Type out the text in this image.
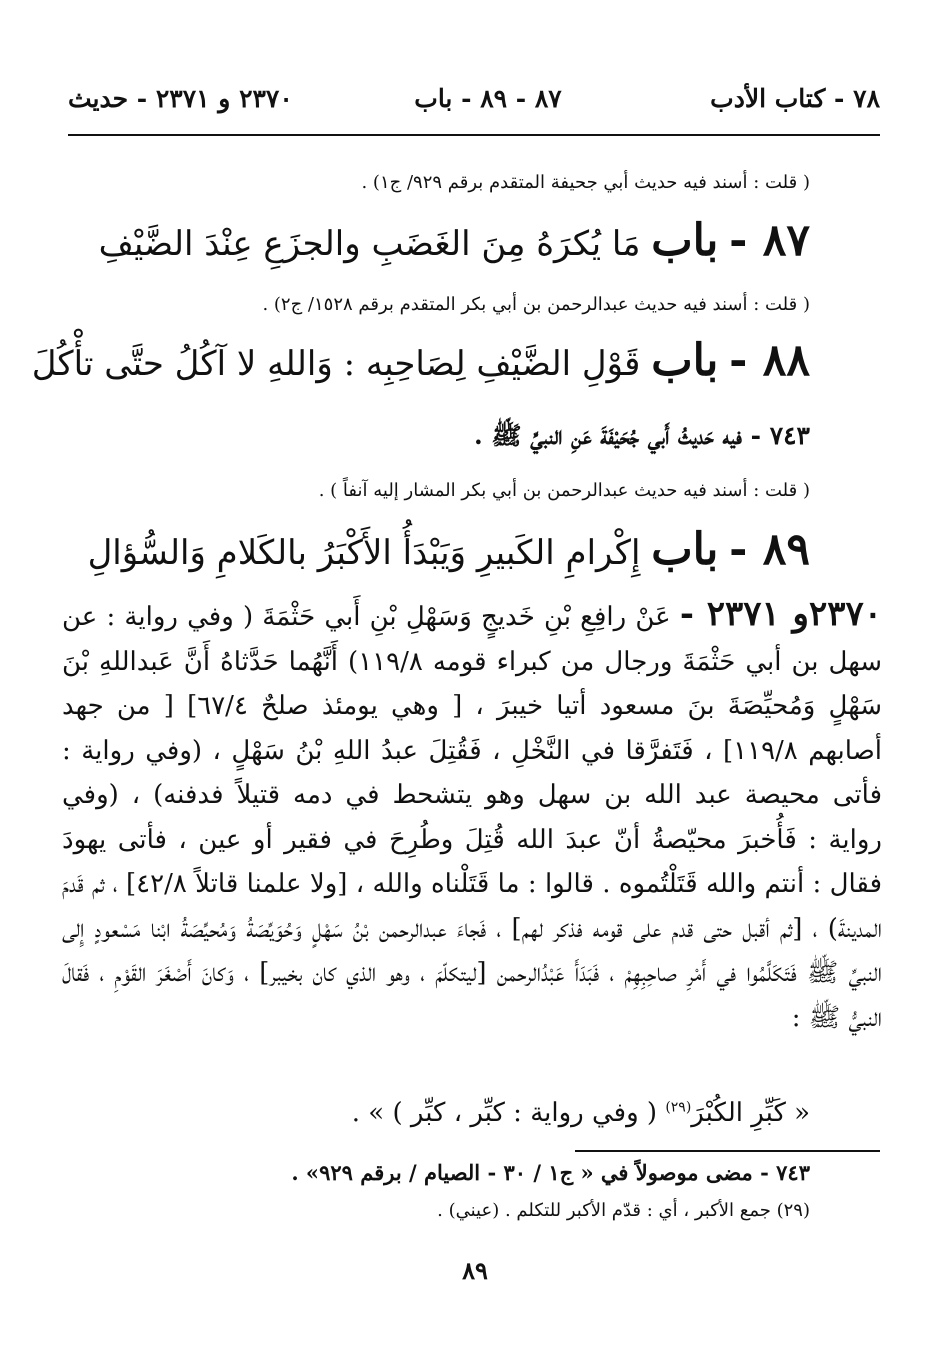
٧٨ - كتاب الأدب
٨٧ - ٨٩ - باب
٢٣٧٠ و ٢٣٧١ - حديث
( قلت : أسند فيه حديث أبي جحيفة المتقدم برقم ٩٢٩/ ج١) .
٨٧ - باب مَا يُكرَهُ مِنَ الغَضَبِ والجزَعِ عِنْدَ الضَّيْفِ
( قلت : أسند فيه حديث عبدالرحمن بن أبي بكر المتقدم برقم ١٥٢٨/ ج٢) .
٨٨ - باب قَوْلِ الضَّيْفِ لِصَاحِبِه : وَاللهِ لا آكُلُ حتَّى تأْكُلَ
٧٤٣ - فيه حَديثُ أَبي جُحَيْفَةَ عَنِ النبيِّ ﷺ .
( قلت : أسند فيه حديث عبدالرحمن بن أبي بكر المشار إليه آنفاً ) .
٨٩ - باب إِكْرامِ الكَبيرِ وَيَبْدَأُ الأَكْبَرُ بالكَلامِ وَالسُّؤالِ
٢٣٧٠و ٢٣٧١ - عَنْ رافِعِ بْنِ خَديجٍ وَسَهْلِ بْنِ أَبي حَثْمَةَ ( وفي رواية : عن سهل بن أبي حَثْمَةَ ورجال من كبراء قومه ١١٩/٨) أَنَّهُما حَدَّثاهُ أَنَّ عَبداللهِ بْنَ سَهْلٍ وَمُحيِّصَةَ بنَ مسعود أتيا خيبرَ ، [ وهي يومئذ صلحٌ ٦٧/٤] [ من جهد أصابهم ١١٩/٨] ، فَتَفرَّقا في النَّخْلِ ، فَقُتِلَ عبدُ اللهِ بْنُ سَهْلٍ ، (وفي رواية : فأتى محيصة عبد الله بن سهل وهو يتشحط في دمه قتيلاً فدفنه) ، (وفي رواية : فَأُخبرَ محيّصةُ أنّ عبدَ الله قُتِلَ وطُرِحَ في فقير أو عين ، فأتى يهودَ فقال : أنتم والله قَتَلْتُموه . قالوا : ما قَتَلْناه والله ، [ولا علمنا قاتلاً ٤٢/٨] ، ثم قَدمَ المدينةَ) ، [ثم أقبل حتى قدم على قومه فذكر لهم] ، فَجاءَ عبدالرحمن بْنُ سَهْلٍ وَحُوَيِّصَةُ وَمُحيِّصَةُ ابْنا مَسْعودٍ إِلى النبيِّ ﷺ فَتَكَلَّمُوا في أَمْرِ صاحِبِهِمْ ، فَبَدَأَ عَبْدُالرحمن [ليتكلّمَ ، وهو الذي كان بخيبر] ، وَكانَ أَصْغَرَ القَوْمِ ، فَقالَ النبيُّ ﷺ :
« كَبِّرِ الكُبْرَ$^{(٢٩)}$ ( وفي رواية : كبِّر ، كبِّر ) » .
٧٤٣ - مضى موصولاً في « ج١ / ٣٠ - الصيام / برقم ٩٢٩» .
(٢٩) جمع الأكبر ، أي : قدّم الأكبر للتكلم . (عيني) .
٨٩
